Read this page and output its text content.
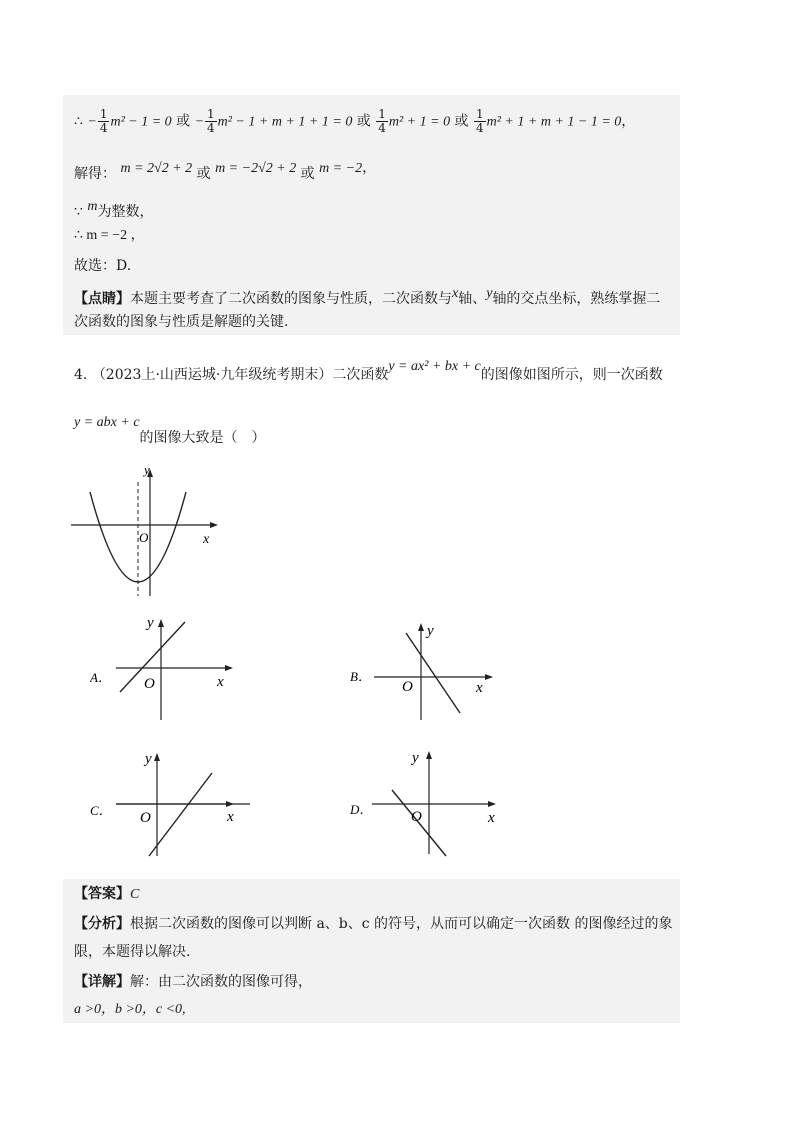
∴ − $\frac{1}{4} m^2 - 1 = 0$ 或 − $\frac{1}{4} m^2 - 1 + m + 1 + 1 = 0$ 或 $\frac{1}{4} m^2 + 1 = 0$ 或 $\frac{1}{4} m^2 + 1 + m + 1 - 1 = 0$，
解得： m = 2√2 + 2 或 m = −2√2 + 2 或 m = −2，
∵ m为整数，
∴ m = −2 ，
故选：D.
【点睛】本题主要考查了二次函数的图象与性质，二次函数与x轴、y轴的交点坐标，熟练掌握二
次函数的图象与性质是解题的关键.
4. （2023上·山西运城·九年级统考期末）二次函数y = ax² + bx + c的图像如图所示，则一次函数
y = abx + c的图像大致是（　）
y
x
O
A．
y
x
O	B．
y
x
O
C．
y
x
O
D．
y
x
O
【答案】C
【分析】根据二次函数的图像可以判断 a、b、c 的符号，从而可以确定一次函数 的图像经过的象
限，本题得以解决.
【详解】解：由二次函数的图像可得，
a >0，b >0，c <0,
